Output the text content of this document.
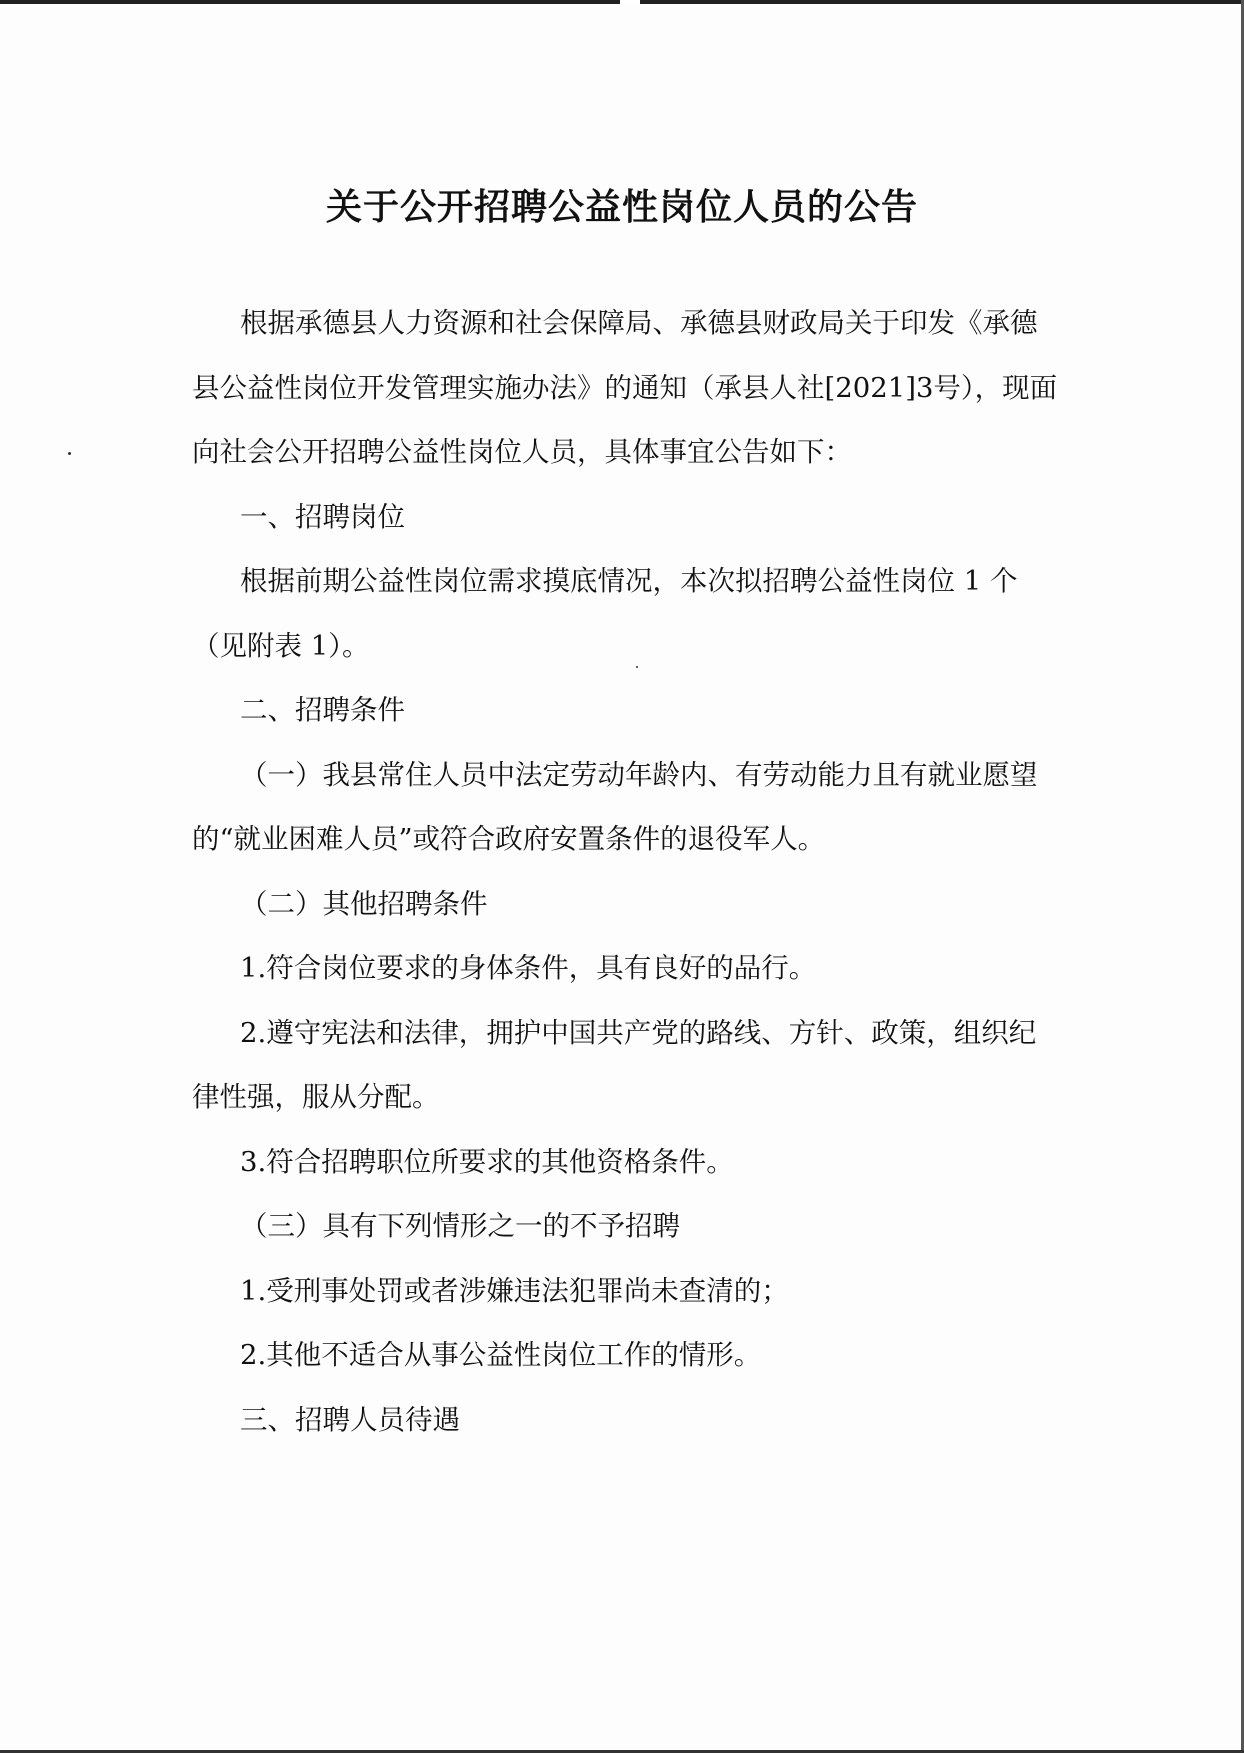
关于公开招聘公益性岗位人员的公告

根据承德县人力资源和社会保障局、承德县财政局关于印发《承德县公益性岗位开发管理实施办法》的通知（承县人社[2021]3号），现面向社会公开招聘公益性岗位人员，具体事宜公告如下：

一、招聘岗位

根据前期公益性岗位需求摸底情况，本次拟招聘公益性岗位 1 个（见附表 1）。

二、招聘条件

（一）我县常住人员中法定劳动年龄内、有劳动能力且有就业愿望的“就业困难人员”或符合政府安置条件的退役军人。

（二）其他招聘条件

1.符合岗位要求的身体条件，具有良好的品行。

2.遵守宪法和法律，拥护中国共产党的路线、方针、政策，组织纪律性强，服从分配。

3.符合招聘职位所要求的其他资格条件。

（三）具有下列情形之一的不予招聘

1.受刑事处罚或者涉嫌违法犯罪尚未查清的；

2.其他不适合从事公益性岗位工作的情形。

三、招聘人员待遇
